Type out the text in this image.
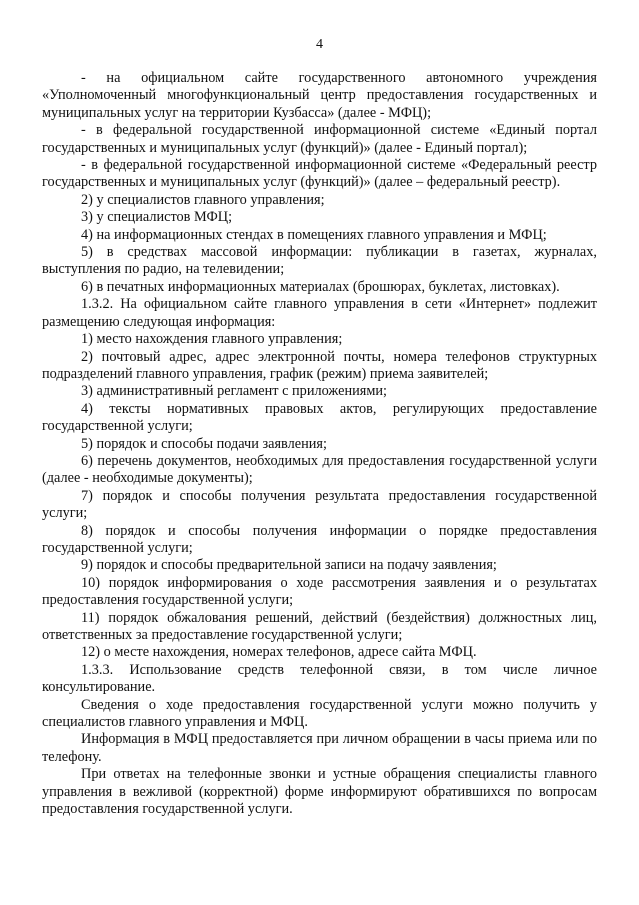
4

- на официальном сайте государственного автономного учреждения «Уполномоченный многофункциональный центр предоставления государственных и муниципальных услуг на территории Кузбасса» (далее - МФЦ);

- в федеральной государственной информационной системе «Единый портал государственных и муниципальных услуг (функций)» (далее - Единый портал);

- в федеральной государственной информационной системе «Федеральный реестр государственных и муниципальных услуг (функций)» (далее – федеральный реестр).

2) у специалистов главного управления;

3) у специалистов МФЦ;

4) на информационных стендах в помещениях главного управления и МФЦ;

5) в средствах массовой информации: публикации в газетах, журналах, выступления по радио, на телевидении;

6) в печатных информационных материалах (брошюрах, буклетах, листовках).

1.3.2. На официальном сайте главного управления в сети «Интернет» подлежит размещению следующая информация:

1) место нахождения главного управления;

2) почтовый адрес, адрес электронной почты, номера телефонов структурных подразделений главного управления, график (режим) приема заявителей;

3) административный регламент с приложениями;

4) тексты нормативных правовых актов, регулирующих предоставление государственной услуги;

5) порядок и способы подачи заявления;

6) перечень документов, необходимых для предоставления государственной услуги (далее - необходимые документы);

7) порядок и способы получения результата предоставления государственной услуги;

8) порядок и способы получения информации о порядке предоставления государственной услуги;

9) порядок и способы предварительной записи на подачу заявления;

10) порядок информирования о ходе рассмотрения заявления и о результатах предоставления государственной услуги;

11) порядок обжалования решений, действий (бездействия) должностных лиц, ответственных за предоставление государственной услуги;

12) о месте нахождения, номерах телефонов, адресе сайта МФЦ.

1.3.3. Использование средств телефонной связи, в том числе личное консультирование.

Сведения о ходе предоставления государственной услуги можно получить у специалистов главного управления и МФЦ.

Информация в МФЦ предоставляется при личном обращении в часы приема или по телефону.

При ответах на телефонные звонки и устные обращения специалисты главного управления в вежливой (корректной) форме информируют обратившихся по вопросам предоставления государственной услуги.
